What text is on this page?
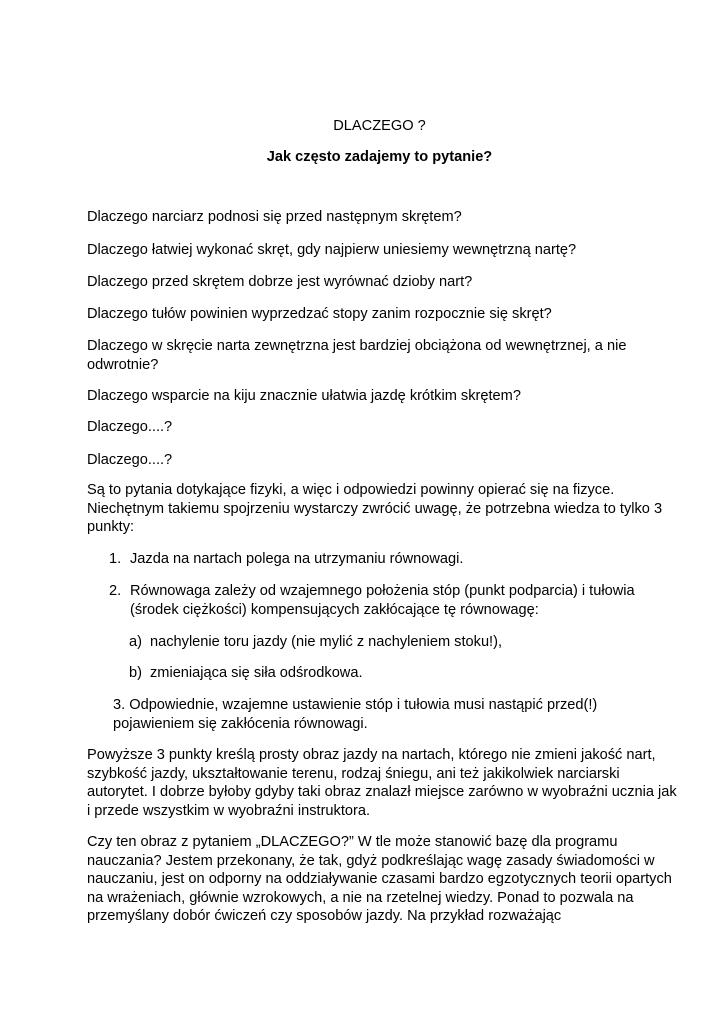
DLACZEGO ?
Jak często zadajemy to pytanie?

Dlaczego narciarz podnosi się przed następnym skrętem?

Dlaczego łatwiej wykonać skręt, gdy najpierw uniesiemy wewnętrzną nartę?

Dlaczego przed skrętem dobrze jest wyrównać dzioby nart?

Dlaczego tułów powinien wyprzedzać stopy zanim rozpocznie się skręt?

Dlaczego w skręcie narta zewnętrzna jest bardziej obciążona od wewnętrznej, a nie odwrotnie?

Dlaczego wsparcie na kiju znacznie ułatwia jazdę krótkim skrętem?

Dlaczego....?

Dlaczego....?

Są to pytania dotykające fizyki, a więc i odpowiedzi powinny opierać się na fizyce. Niechętnym takiemu spojrzeniu wystarczy zwrócić uwagę, że potrzebna wiedza to tylko 3 punkty:

1. Jazda na nartach polega na utrzymaniu równowagi.
2. Równowaga zależy od wzajemnego położenia stóp (punkt podparcia) i tułowia (środek ciężkości) kompensujących zakłócające tę równowagę:
a) nachylenie toru jazdy (nie mylić z nachyleniem stoku!),
b) zmieniająca się siła odśrodkowa.

3. Odpowiednie, wzajemne ustawienie stóp i tułowia musi nastąpić przed(!) pojawieniem się zakłócenia równowagi.

Powyższe 3 punkty kreślą prosty obraz jazdy na nartach, którego nie zmieni jakość nart, szybkość jazdy, ukształtowanie terenu, rodzaj śniegu, ani też jakikolwiek narciarski autorytet. I dobrze byłoby gdyby taki obraz znalazł miejsce zarówno w wyobraźni ucznia jak i przede wszystkim w wyobraźni instruktora.

Czy ten obraz z pytaniem „DLACZEGO?” W tle może stanowić bazę dla programu nauczania? Jestem przekonany, że tak, gdyż podkreślając wagę zasady świadomości w nauczaniu, jest on odporny na oddziaływanie czasami bardzo egzotycznych teorii opartych na wrażeniach, głównie wzrokowych, a nie na rzetelnej wiedzy. Ponad to pozwala na przemyślany dobór ćwiczeń czy sposobów jazdy. Na przykład rozważając
